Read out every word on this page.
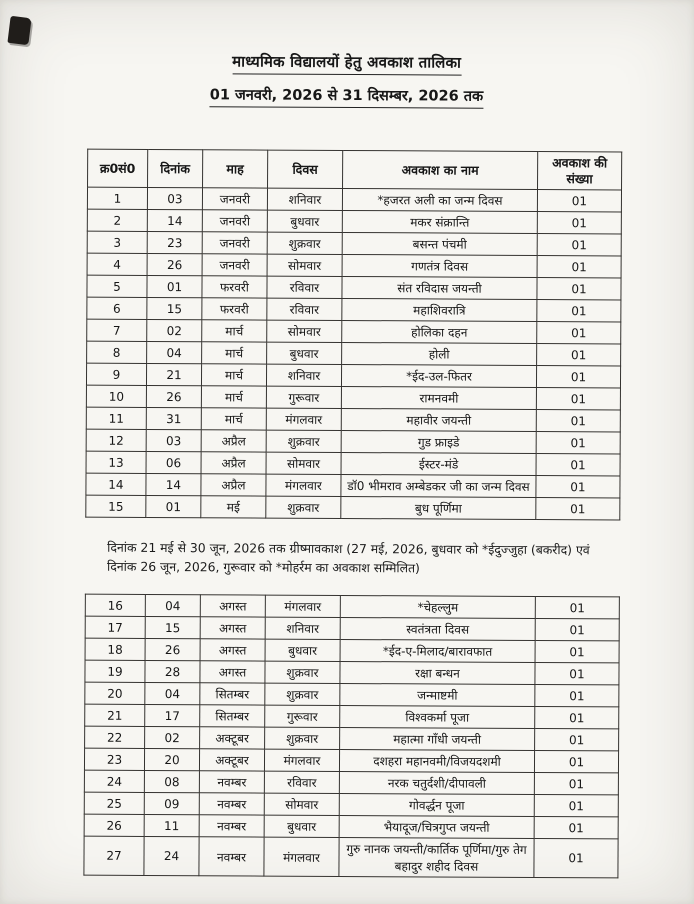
माध्यमिक विद्यालयों हेतु अवकाश तालिका
01 जनवरी, 2026 से 31 दिसम्बर, 2026 तक
क्र0सं0	दिनांक	माह	दिवस	अवकाश का नाम	अवकाश की संख्या
1	03	जनवरी	शनिवार	*हजरत अली का जन्म दिवस	01
2	14	जनवरी	बुधवार	मकर संक्रान्ति	01
3	23	जनवरी	शुक्रवार	बसन्त पंचमी	01
4	26	जनवरी	सोमवार	गणतंत्र दिवस	01
5	01	फरवरी	रविवार	संत रविदास जयन्ती	01
6	15	फरवरी	रविवार	महाशिवरात्रि	01
7	02	मार्च	सोमवार	होलिका दहन	01
8	04	मार्च	बुधवार	होली	01
9	21	मार्च	शनिवार	*ईद-उल-फितर	01
10	26	मार्च	गुरूवार	रामनवमी	01
11	31	मार्च	मंगलवार	महावीर जयन्ती	01
12	03	अप्रैल	शुक्रवार	गुड फ्राइडे	01
13	06	अप्रैल	सोमवार	ईस्टर-मंडे	01
14	14	अप्रैल	मंगलवार	डॉ0 भीमराव अम्बेडकर जी का जन्म दिवस	01
15	01	मई	शुक्रवार	बुध पूर्णिमा	01

दिनांक 21 मई से 30 जून, 2026 तक ग्रीष्मावकाश (27 मई, 2026, बुधवार को *ईदुज्जुहा (बकरीद) एवं दिनांक 26 जून, 2026, गुरूवार को *मोहर्रम का अवकाश सम्मिलित)

16	04	अगस्त	मंगलवार	*चेहल्लुम	01
17	15	अगस्त	शनिवार	स्वतंत्रता दिवस	01
18	26	अगस्त	बुधवार	*ईद-ए-मिलाद/बारावफात	01
19	28	अगस्त	शुक्रवार	रक्षा बन्धन	01
20	04	सितम्बर	शुक्रवार	जन्माष्टमी	01
21	17	सितम्बर	गुरूवार	विश्वकर्मा पूजा	01
22	02	अक्टूबर	शुक्रवार	महात्मा गाँधी जयन्ती	01
23	20	अक्टूबर	मंगलवार	दशहरा महानवमी/विजयदशमी	01
24	08	नवम्बर	रविवार	नरक चतुर्दशी/दीपावली	01
25	09	नवम्बर	सोमवार	गोवर्द्धन पूजा	01
26	11	नवम्बर	बुधवार	भैयादूज/चित्रगुप्त जयन्ती	01
27	24	नवम्बर	मंगलवार	गुरु नानक जयन्ती/कार्तिक पूर्णिमा/गुरु तेग बहादुर शहीद दिवस	01
